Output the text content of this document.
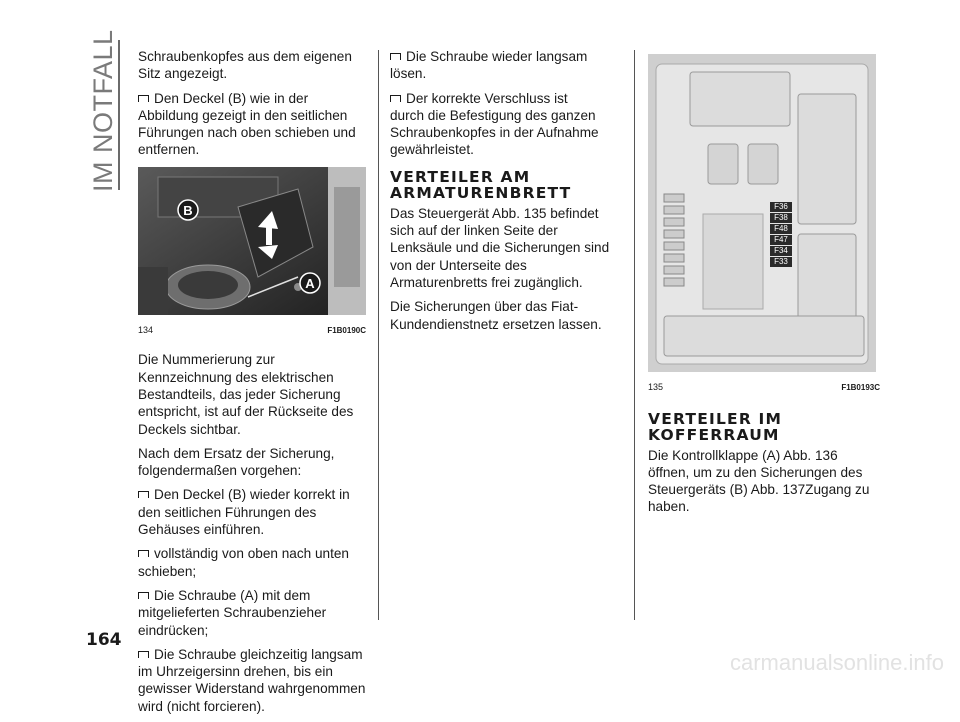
IM NOTFALL Schraubenkopfes aus dem eigenen Sitz angezeigt.

Den Deckel (B) wie in der Abbildung gezeigt in den seitlichen Führungen nach oben schieben und entfernen.

B
A
134	F1B0190C

Die Nummerierung zur Kennzeichnung des elektrischen Bestandteils, das jeder Sicherung entspricht, ist auf der Rückseite des Deckels sichtbar.

Nach dem Ersatz der Sicherung, folgendermaßen vorgehen:

Den Deckel (B) wieder korrekt in den seitlichen Führungen des Gehäuses einführen.

vollständig von oben nach unten schieben;

Die Schraube (A) mit dem mitgelieferten Schraubenzieher eindrücken;

Die Schraube gleichzeitig langsam im Uhrzeigersinn drehen, bis ein gewisser Widerstand wahrgenommen wird (nicht forcieren).

Die Schraube wieder langsam lösen.

Der korrekte Verschluss ist

durch die Befestigung des ganzen Schraubenkopfes in der Aufnahme gewährleistet.

VERTEILER AM ARMATURENBRETT

Das Steuergerät Abb. 135 befindet sich auf der linken Seite der Lenksäule und die Sicherungen sind von der Unterseite des Armaturenbretts frei zugänglich.

Die Sicherungen über das Fiat-Kundendienstnetz ersetzen lassen.

F36
F38
F48
F47
F34
F33
135	F1B0193C
VERTEILER IM KOFFERRAUM

Die Kontrollklappe (A) Abb. 136 öffnen, um zu den Sicherungen des Steuergeräts (B) Abb. 137Zugang zu haben.

164
carmanualsonline.info
